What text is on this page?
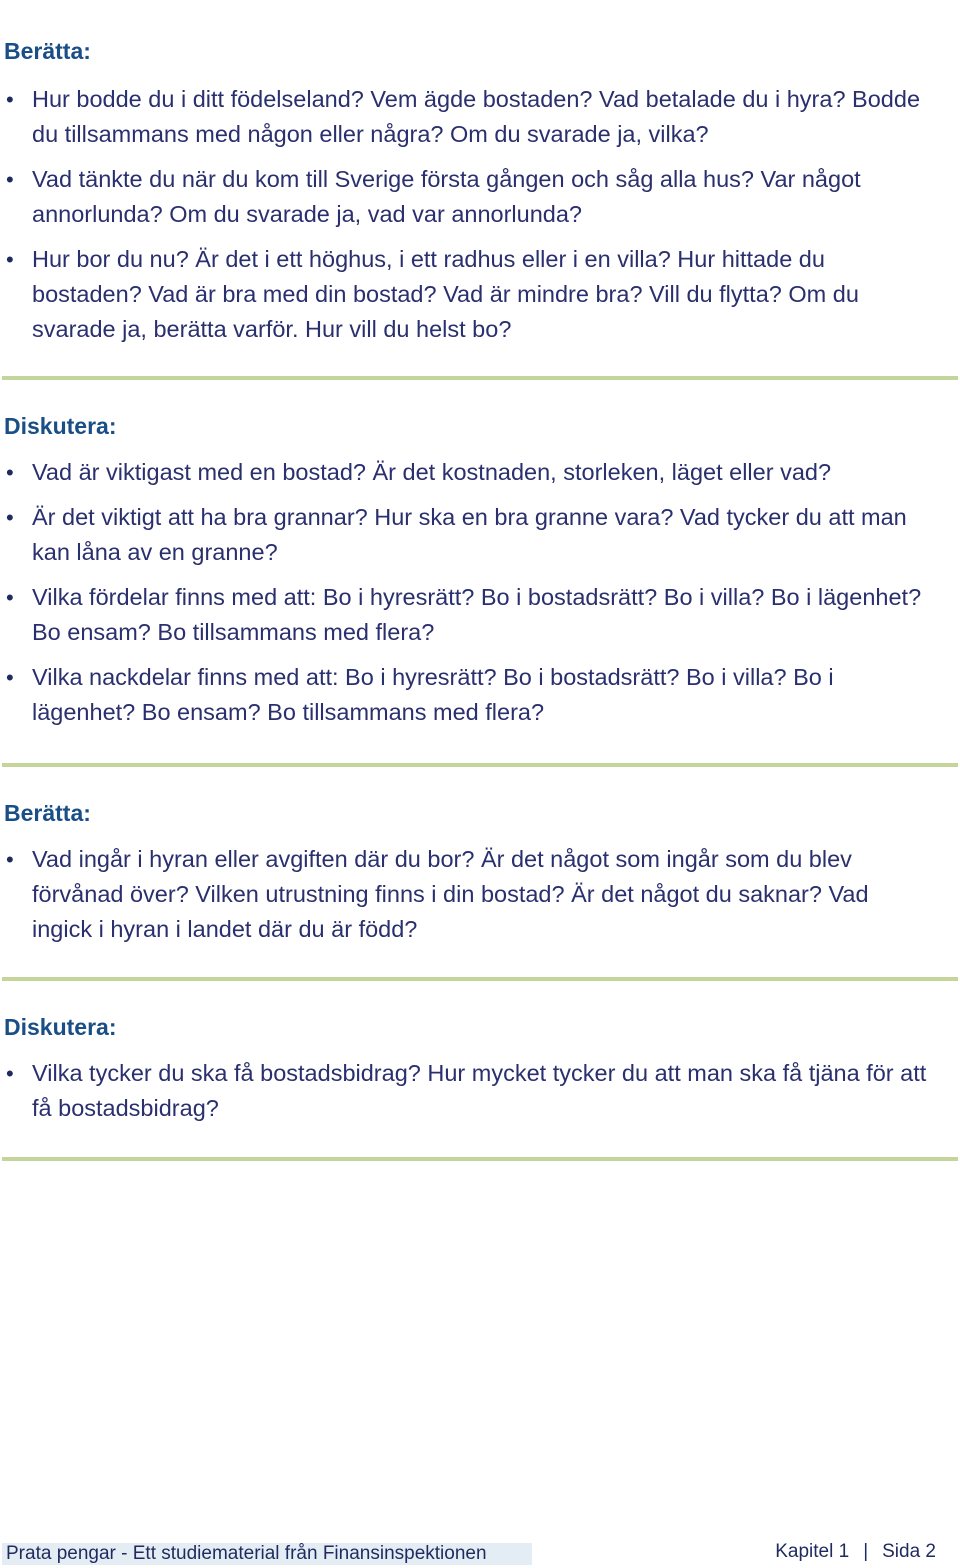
Berätta:
• Hur bodde du i ditt födelseland? Vem ägde bostaden? Vad betalade du i hyra? Bodde du tillsammans med någon eller några? Om du svarade ja, vilka?
• Vad tänkte du när du kom till Sverige första gången och såg alla hus? Var något annorlunda? Om du svarade ja, vad var annorlunda?
• Hur bor du nu? Är det i ett höghus, i ett radhus eller i en villa? Hur hittade du bostaden? Vad är bra med din bostad? Vad är mindre bra? Vill du flytta? Om du svarade ja, berätta varför. Hur vill du helst bo?
Diskutera:
• Vad är viktigast med en bostad? Är det kostnaden, storleken, läget eller vad?
• Är det viktigt att ha bra grannar? Hur ska en bra granne vara? Vad tycker du att man kan låna av en granne?
• Vilka fördelar finns med att: Bo i hyresrätt? Bo i bostadsrätt? Bo i villa? Bo i lägenhet? Bo ensam? Bo tillsammans med flera?
• Vilka nackdelar finns med att: Bo i hyresrätt? Bo i bostadsrätt? Bo i villa? Bo i lägenhet? Bo ensam? Bo tillsammans med flera?
Berätta:
• Vad ingår i hyran eller avgiften där du bor? Är det något som ingår som du blev förvånad över? Vilken utrustning finns i din bostad? Är det något du saknar? Vad ingick i hyran i landet där du är född?
Diskutera:
• Vilka tycker du ska få bostadsbidrag? Hur mycket tycker du att man ska få tjäna för att få bostadsbidrag?
Prata pengar - Ett studiematerial från Finansinspektionen	Kapitel 1 | Sida 2
